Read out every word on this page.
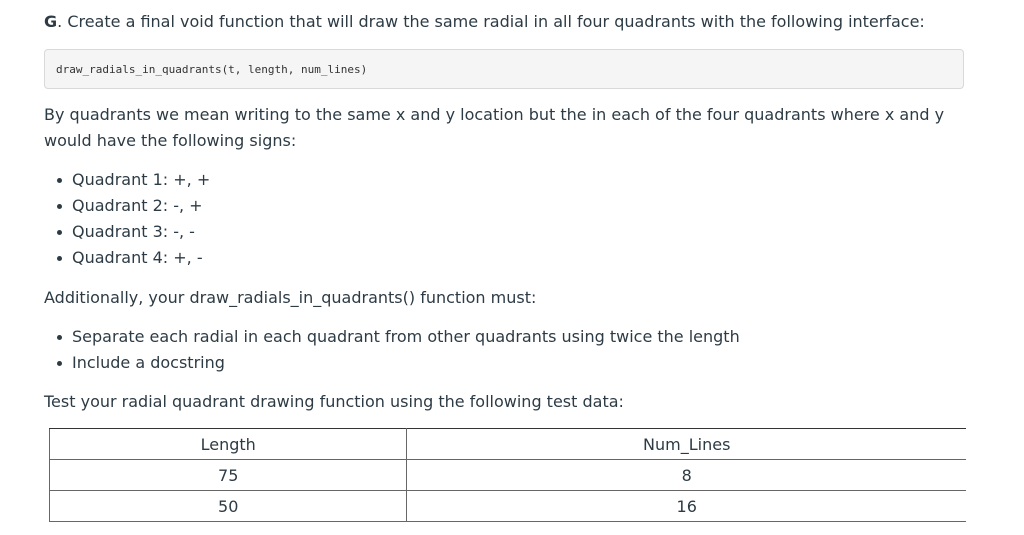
G. Create a final void function that will draw the same radial in all four quadrants with the following interface:

draw_radials_in_quadrants(t, length, num_lines)

By quadrants we mean writing to the same x and y location but the in each of the four quadrants where x and y would have the following signs:

Quadrant 1: +, +
Quadrant 2: -, +
Quadrant 3: -, -
Quadrant 4: +, -

Additionally, your draw_radials_in_quadrants() function must:

Separate each radial in each quadrant from other quadrants using twice the length
Include a docstring

Test your radial quadrant drawing function using the following test data:

Length	Num_Lines
75	8
50	16
